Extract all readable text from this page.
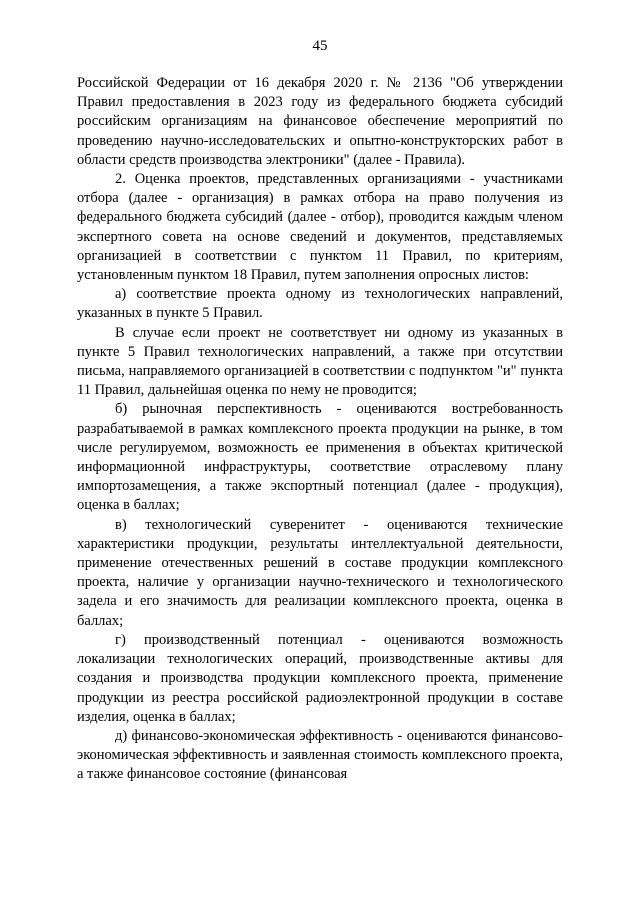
45

Российской Федерации от 16 декабря 2020 г. № 2136 "Об утверждении Правил предоставления в 2023 году из федерального бюджета субсидий российским организациям на финансовое обеспечение мероприятий по проведению научно-исследовательских и опытно-конструкторских работ в области средств производства электроники" (далее - Правила).

2. Оценка проектов, представленных организациями - участниками отбора (далее - организация) в рамках отбора на право получения из федерального бюджета субсидий (далее - отбор), проводится каждым членом экспертного совета на основе сведений и документов, представляемых организацией в соответствии с пунктом 11 Правил, по критериям, установленным пунктом 18 Правил, путем заполнения опросных листов:

а) соответствие проекта одному из технологических направлений, указанных в пункте 5 Правил.

В случае если проект не соответствует ни одному из указанных в пункте 5 Правил технологических направлений, а также при отсутствии письма, направляемого организацией в соответствии с подпунктом "и" пункта 11 Правил, дальнейшая оценка по нему не проводится;

б) рыночная перспективность - оцениваются востребованность разрабатываемой в рамках комплексного проекта продукции на рынке, в том числе регулируемом, возможность ее применения в объектах критической информационной инфраструктуры, соответствие отраслевому плану импортозамещения, а также экспортный потенциал (далее - продукция), оценка в баллах;

в) технологический суверенитет - оцениваются технические характеристики продукции, результаты интеллектуальной деятельности, применение отечественных решений в составе продукции комплексного проекта, наличие у организации научно-технического и технологического задела и его значимость для реализации комплексного проекта, оценка в баллах;

г) производственный потенциал - оцениваются возможность локализации технологических операций, производственные активы для создания и производства продукции комплексного проекта, применение продукции из реестра российской радиоэлектронной продукции в составе изделия, оценка в баллах;

д) финансово-экономическая эффективность - оцениваются финансово-экономическая эффективность и заявленная стоимость комплексного проекта, а также финансовое состояние (финансовая
